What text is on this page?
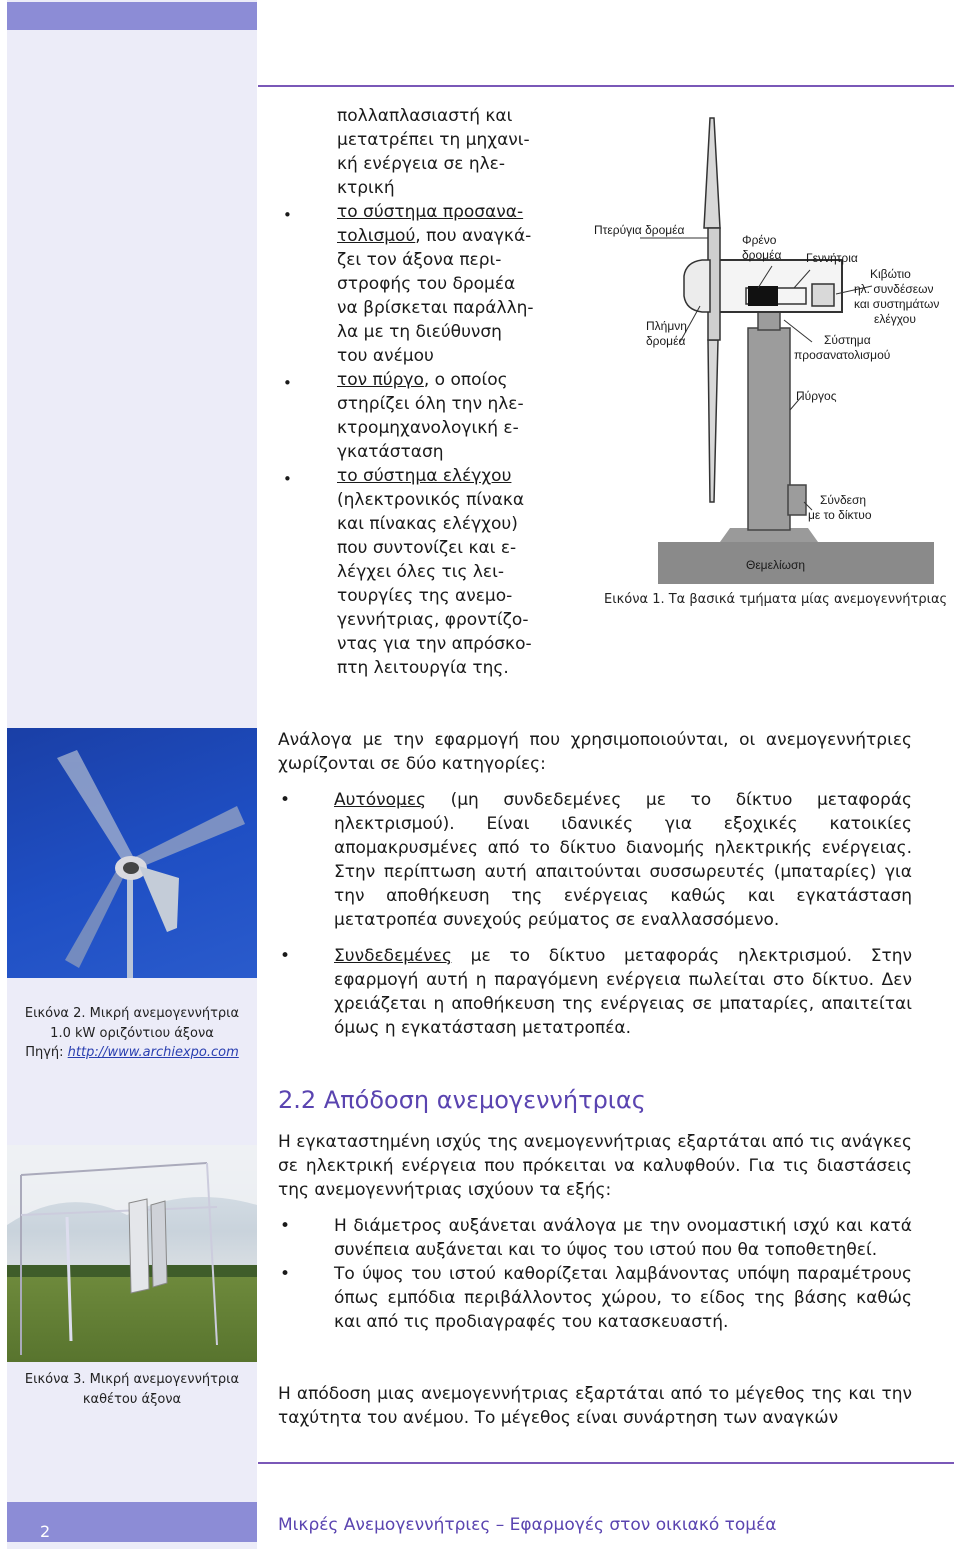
πολλαπλασιαστή και
μετατρέπει τη μηχανι-
κή ενέργεια σε ηλε-
κτρική
το σύστημα προσανα-
τολισμού, που αναγκά-
ζει τον άξονα περι-
στροφής του δρομέα
να βρίσκεται παράλλη-
λα με τη διεύθυνση
του ανέμου
τον πύργο, ο οποίος
στηρίζει όλη την ηλε-
κτρομηχανολογική ε-
γκατάσταση
το σύστημα ελέγχου
(ηλεκτρονικός πίνακα
και πίνακας ελέγχου)
που συντονίζει και ε-
λέγχει όλες τις λει-
τουργίες της ανεμο-
γεννήτριας, φροντίζο-
ντας για την απρόσκο-
πτη λειτουργία της.
•
•
•
Πτερύγια δρομέα
Φρένο δρομέα Γεννήτρια
Κιβώτιο ηλ. συνδέσεων και συστημάτων ελέγχου
Πλήμνη δρομέα	Σύστημα προσανατολισμού
Πύργος
Σύνδεση με το δίκτυο
Θεμελίωση
Εικόνα 1. Τα βασικά τμήματα μίας ανεμογεννήτριας
Εικόνα 2. Μικρή ανεμογεννήτρια
1.0 kW οριζόντιου άξονα
Πηγή: http://www.archiexpo.com
Εικόνα 3. Μικρή ανεμογεννήτρια
καθέτου άξονα
Ανάλογα με την εφαρμογή που χρησιμοποιούνται, οι ανεμογεννήτριες χωρίζονται σε δύο κατηγορίες:
•	Αυτόνομες (μη συνδεδεμένες με το δίκτυο μεταφοράς ηλεκτρισμού). Είναι ιδανικές για εξοχικές κατοικίες απομακρυσμένες από το δίκτυο διανομής ηλεκτρικής ενέργειας. Στην περίπτωση αυτή απαιτούνται συσσωρευτές (μπαταρίες) για την αποθήκευση της ενέργειας καθώς και εγκατάσταση μετατροπέα συνεχούς ρεύματος σε εναλλασσόμενο.
•	Συνδεδεμένες με το δίκτυο μεταφοράς ηλεκτρισμού. Στην εφαρμογή αυτή η παραγόμενη ενέργεια πωλείται στο δίκτυο. Δεν χρειάζεται η αποθήκευση της ενέργειας σε μπαταρίες, απαιτείται όμως η εγκατάσταση μετατροπέα.
2.2 Απόδοση ανεμογεννήτριας
Η εγκαταστημένη ισχύς της ανεμογεννήτριας εξαρτάται από τις ανάγκες σε ηλεκτρική ενέργεια που πρόκειται να καλυφθούν. Για τις διαστάσεις της ανεμογεννήτριας ισχύουν τα εξής:
•	Η διάμετρος αυξάνεται ανάλογα με την ονομαστική ισχύ και κατά συνέπεια αυξάνεται και το ύψος του ιστού που θα τοποθετηθεί.
•	Το ύψος του ιστού καθορίζεται λαμβάνοντας υπόψη παραμέτρους όπως εμπόδια περιβάλλοντος χώρου, το είδος της βάσης καθώς και από τις προδιαγραφές του κατασκευαστή.
Η απόδοση μιας ανεμογεννήτριας εξαρτάται από το μέγεθος της και την ταχύτητα του ανέμου. Το μέγεθος είναι συνάρτηση των αναγκών
2	Μικρές Ανεμογεννήτριες – Εφαρμογές στον οικιακό τομέα
